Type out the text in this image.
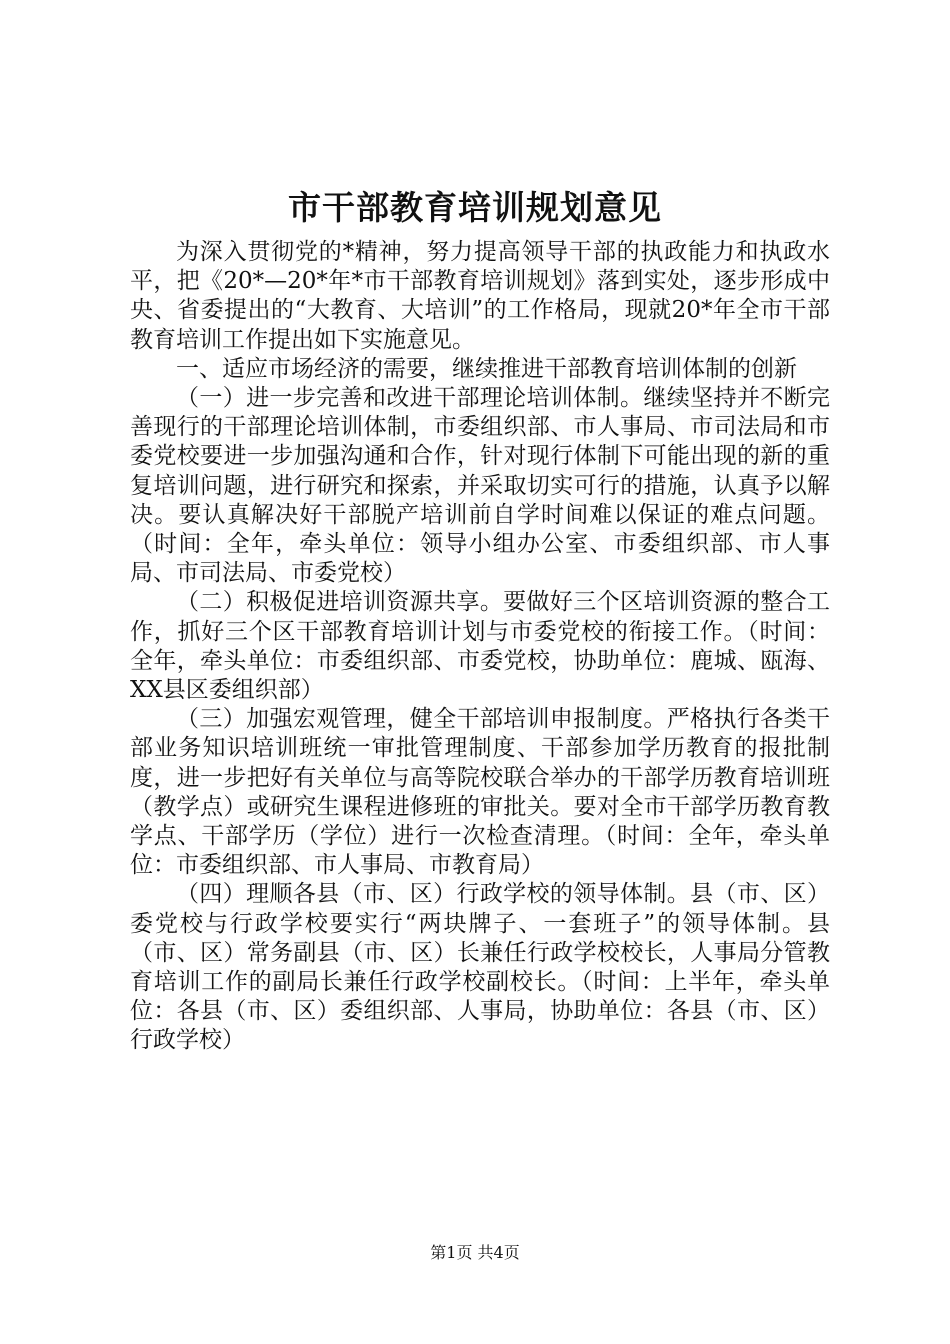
市干部教育培训规划意见

为深入贯彻党的*精神，努力提高领导干部的执政能力和执政水平，把《20*—20*年*市干部教育培训规划》落到实处，逐步形成中央、省委提出的“大教育、大培训”的工作格局，现就20*年全市干部教育培训工作提出如下实施意见。

一、适应市场经济的需要，继续推进干部教育培训体制的创新

（一）进一步完善和改进干部理论培训体制。继续坚持并不断完善现行的干部理论培训体制，市委组织部、市人事局、市司法局和市委党校要进一步加强沟通和合作，针对现行体制下可能出现的新的重复培训问题，进行研究和探索，并采取切实可行的措施，认真予以解决。要认真解决好干部脱产培训前自学时间难以保证的难点问题。（时间：全年，牵头单位：领导小组办公室、市委组织部、市人事局、市司法局、市委党校）

（二）积极促进培训资源共享。要做好三个区培训资源的整合工作，抓好三个区干部教育培训计划与市委党校的衔接工作。（时间：全年，牵头单位：市委组织部、市委党校，协助单位：鹿城、瓯海、XX县区委组织部）

（三）加强宏观管理，健全干部培训申报制度。严格执行各类干部业务知识培训班统一审批管理制度、干部参加学历教育的报批制度，进一步把好有关单位与高等院校联合举办的干部学历教育培训班（教学点）或研究生课程进修班的审批关。要对全市干部学历教育教学点、干部学历（学位）进行一次检查清理。（时间：全年，牵头单位：市委组织部、市人事局、市教育局）

（四）理顺各县（市、区）行政学校的领导体制。县（市、区）委党校与行政学校要实行“两块牌子、一套班子”的领导体制。县（市、区）常务副县（市、区）长兼任行政学校校长，人事局分管教育培训工作的副局长兼任行政学校副校长。（时间：上半年，牵头单位：各县（市、区）委组织部、人事局，协助单位：各县（市、区）行政学校）

第1页 共4页
